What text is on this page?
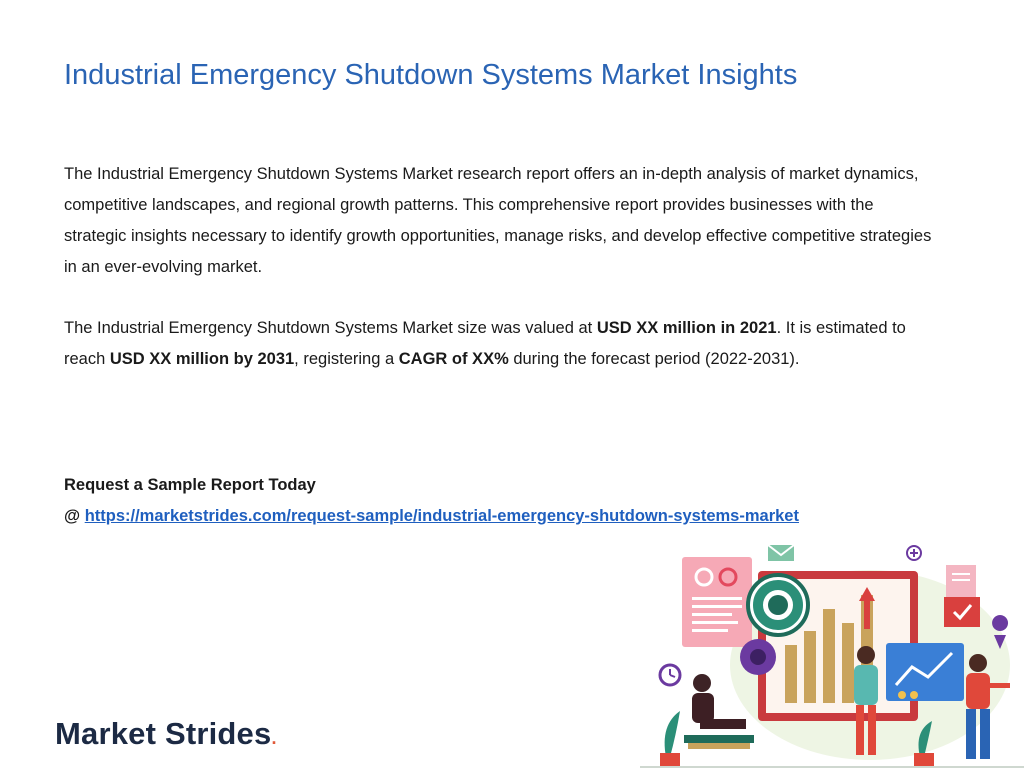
Industrial Emergency Shutdown Systems Market Insights

The Industrial Emergency Shutdown Systems Market research report offers an in-depth analysis of market dynamics, competitive landscapes, and regional growth patterns. This comprehensive report provides businesses with the strategic insights necessary to identify growth opportunities, manage risks, and develop effective competitive strategies in an ever-evolving market.

The Industrial Emergency Shutdown Systems Market size was valued at USD XX million in 2021. It is estimated to reach USD XX million by 2031, registering a CAGR of XX% during the forecast period (2022-2031).

Request a Sample Report Today

@ https://marketstrides.com/request-sample/industrial-emergency-shutdown-systems-market

Market Strides.
